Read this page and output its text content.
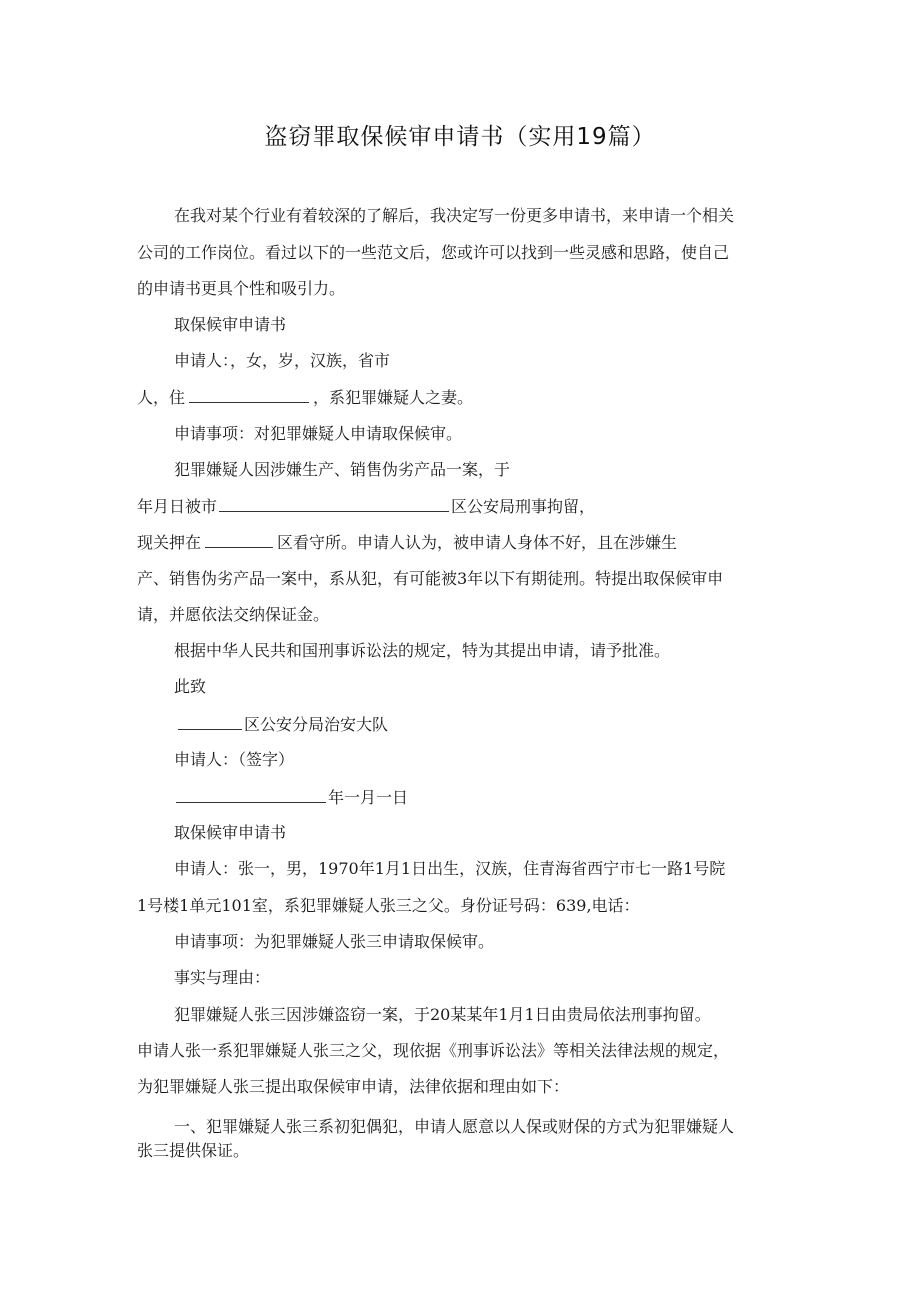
盗窃罪取保候审申请书（实用19篇）
在我对某个行业有着较深的了解后，我决定写一份更多申请书，来申请一个相关
公司的工作岗位。看过以下的一些范文后，您或许可以找到一些灵感和思路，使自己
的申请书更具个性和吸引力。
取保候审申请书
申请人：，女，岁，汉族，省市
人，住	，系犯罪嫌疑人之妻。
申请事项：对犯罪嫌疑人申请取保候审。
犯罪嫌疑人因涉嫌生产、销售伪劣产品一案，于
年月日被市	区公安局刑事拘留，
现关押在	区看守所。申请人认为，被申请人身体不好，且在涉嫌生
产、销售伪劣产品一案中，系从犯，有可能被3年以下有期徒刑。特提出取保候审申
请，并愿依法交纳保证金。
根据中华人民共和国刑事诉讼法的规定，特为其提出申请，请予批准。
此致
区公安分局治安大队
申请人：（签字）
年一月一日
取保候审申请书
申请人：张一，男，1970年1月1日出生，汉族，住青海省西宁市七一路1号院
1号楼1单元101室，系犯罪嫌疑人张三之父。身份证号码：639,电话：
申请事项：为犯罪嫌疑人张三申请取保候审。
事实与理由：
犯罪嫌疑人张三因涉嫌盗窃一案，于20某某年1月1日由贵局依法刑事拘留。
申请人张一系犯罪嫌疑人张三之父，现依据《刑事诉讼法》等相关法律法规的规定，
为犯罪嫌疑人张三提出取保候审申请，法律依据和理由如下：
一、犯罪嫌疑人张三系初犯偶犯，申请人愿意以人保或财保的方式为犯罪嫌疑人
张三提供保证。
